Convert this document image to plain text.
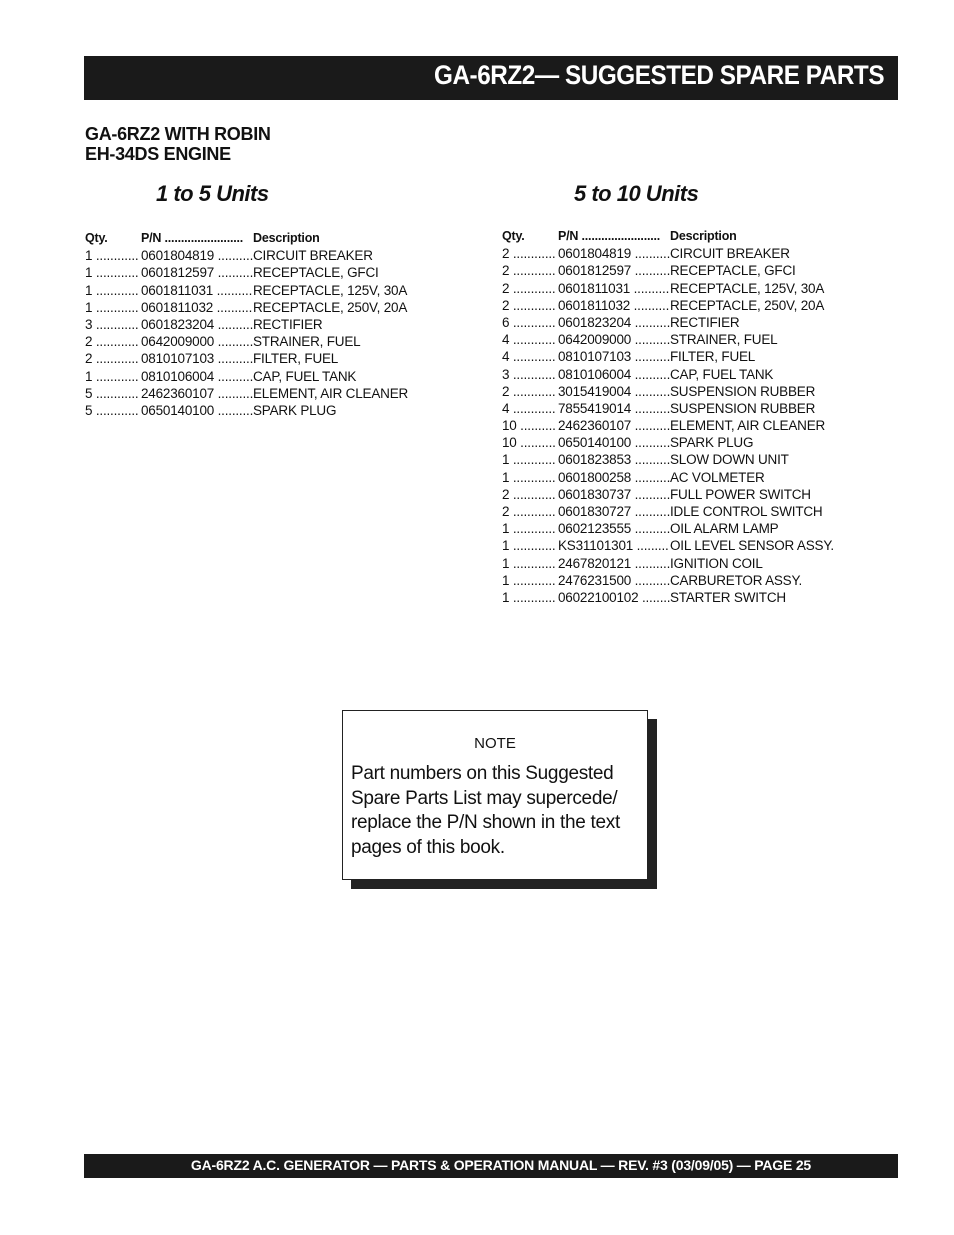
GA-6RZ2— SUGGESTED SPARE PARTS
GA-6RZ2 WITH ROBIN
EH-34DS ENGINE
1 to 5 Units	5 to 10 Units
Qty.	P/N ........................ Description
1 ............ 0601804819 .......... CIRCUIT BREAKER
1 ............ 0601812597 .......... RECEPTACLE, GFCI
1 ............ 0601811031 .......... RECEPTACLE, 125V, 30A
1 ............ 0601811032 .......... RECEPTACLE, 250V, 20A
3 ............ 0601823204 .......... RECTIFIER
2 ............ 0642009000 .......... STRAINER, FUEL
2 ............ 0810107103 .......... FILTER, FUEL
1 ............ 0810106004 .......... CAP, FUEL TANK
5 ............ 2462360107 .......... ELEMENT, AIR CLEANER
5 ............ 0650140100 .......... SPARK PLUG
Qty.	P/N ........................ Description
2 ............ 0601804819 .......... CIRCUIT BREAKER
2 ............ 0601812597 .......... RECEPTACLE, GFCI
2 ............ 0601811031 .......... RECEPTACLE, 125V, 30A
2 ............ 0601811032 .......... RECEPTACLE, 250V, 20A
6 ............ 0601823204 .......... RECTIFIER
4 ............ 0642009000 .......... STRAINER, FUEL
4 ............ 0810107103 .......... FILTER, FUEL
3 ............ 0810106004 .......... CAP, FUEL TANK
2 ............ 3015419004 .......... SUSPENSION RUBBER
4 ............ 7855419014 .......... SUSPENSION RUBBER
10 .......... 2462360107 .......... ELEMENT, AIR CLEANER
10 .......... 0650140100 .......... SPARK PLUG
1 ............ 0601823853 .......... SLOW DOWN UNIT
1 ............ 0601800258 .......... AC VOLMETER
2 ............ 0601830737 .......... FULL POWER SWITCH
2 ............ 0601830727 .......... IDLE CONTROL SWITCH
1 ............ 0602123555 .......... OIL ALARM LAMP
1 ............ KS31101301 ......... OIL LEVEL SENSOR ASSY.
1 ............ 2467820121 .......... IGNITION COIL
1 ............ 2476231500 .......... CARBURETOR ASSY.
1 ............ 06022100102 ........ STARTER SWITCH
NOTE
Part numbers on this Suggested Spare Parts List may supercede/ replace the P/N shown in the text pages of this book.
GA-6RZ2 A.C. GENERATOR — PARTS & OPERATION MANUAL — REV. #3 (03/09/05) — PAGE 25
